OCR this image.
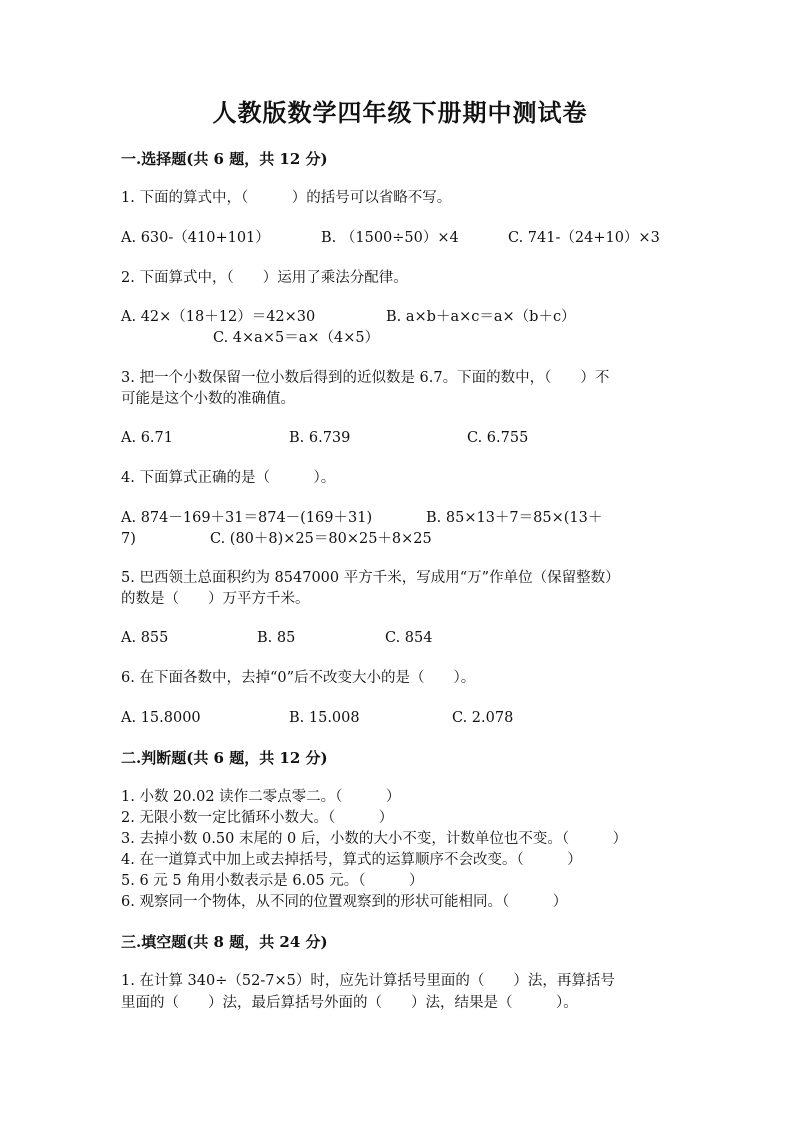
人教版数学四年级下册期中测试卷
一.选择题(共 6 题，共 12 分)
1. 下面的算式中，（　　　）的括号可以省略不写。
A. 630-（410+101）	B. （1500÷50）×4	C. 741-（24+10）×3
2. 下面算式中，（　　）运用了乘法分配律。
A. 42×（18＋12）＝42×30	B. a×b＋a×c＝a×（b＋c）
C. 4×a×5＝a×（4×5）
3. 把一个小数保留一位小数后得到的近似数是 6.7。下面的数中，（　　）不
可能是这个小数的准确值。
A. 6.71	B. 6.739	C. 6.755
4. 下面算式正确的是（　　　）。
A. 874－169＋31＝874－(169＋31)	B. 85×13＋7＝85×(13＋
7)	C. (80＋8)×25＝80×25＋8×25
5. 巴西领土总面积约为 8547000 平方千米，写成用“万”作单位（保留整数）
的数是（　　）万平方千米。
A. 855	B. 85	C. 854
6. 在下面各数中，去掉“0”后不改变大小的是（　　）。
A. 15.8000	B. 15.008	C. 2.078
二.判断题(共 6 题，共 12 分)
1. 小数 20.02 读作二零点零二。（　　　）
2. 无限小数一定比循环小数大。（　　　）
3. 去掉小数 0.50 末尾的 0 后，小数的大小不变，计数单位也不变。（　　　）
4. 在一道算式中加上或去掉括号，算式的运算顺序不会改变。（　　　）
5. 6 元 5 角用小数表示是 6.05 元。（　　　）
6. 观察同一个物体，从不同的位置观察到的形状可能相同。（　　　）
三.填空题(共 8 题，共 24 分)
1. 在计算 340÷（52-7×5）时，应先计算括号里面的（　　）法，再算括号
里面的（　　）法，最后算括号外面的（　　）法，结果是（　　　）。
